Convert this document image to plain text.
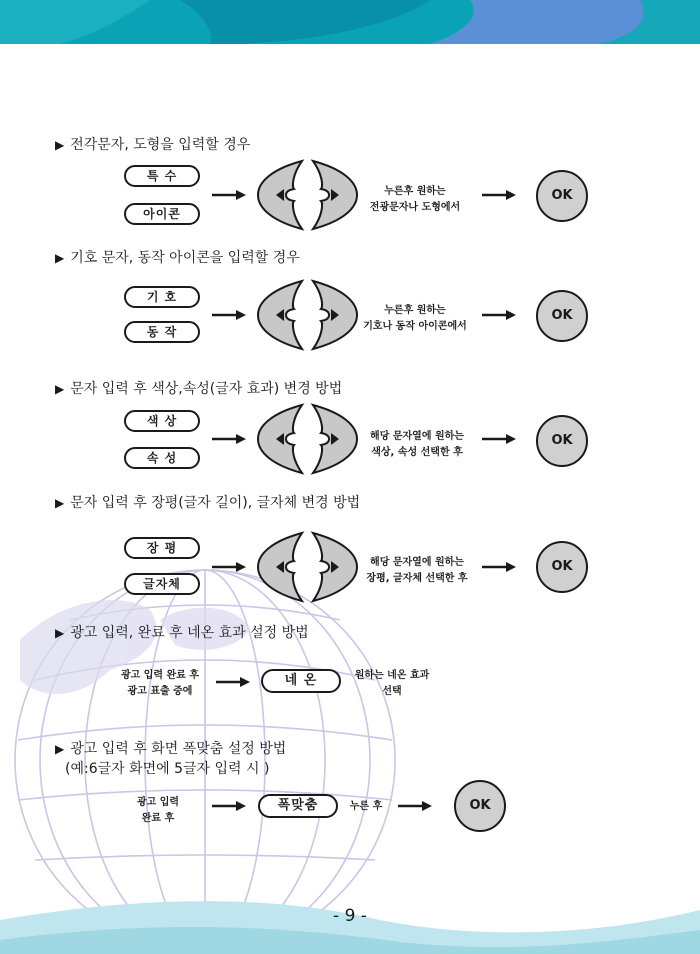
▶ 전각문자, 도형을 입력할 경우
특 수
아이콘
누른후 원하는
전광문자나 도형에서
OK
▶ 기호 문자, 동작 아이콘을 입력할 경우
기 호
동 작
누른후 원하는
기호나 동작 아이콘에서
OK
▶ 문자 입력 후 색상,속성(글자 효과) 변경 방법
색 상
속 성
해당 문자열에 원하는
색상, 속성 선택한 후
OK
▶ 문자 입력 후 장평(글자 길이), 글자체 변경 방법
장 평
글자체
해당 문자열에 원하는
장평, 글자체 선택한 후
OK
▶ 광고 입력, 완료 후 네온 효과 설정 방법
광고 입력 완료 후
광고 표출 중에
네 온	원하는 네온 효과
선택
▶ 광고 입력 후 화면 폭맞춤 설정 방법
(예:6글자 화면에 5글자 입력 시 )
광고 입력
완료 후
폭맞춤	누른 후	OK
- 9 -
